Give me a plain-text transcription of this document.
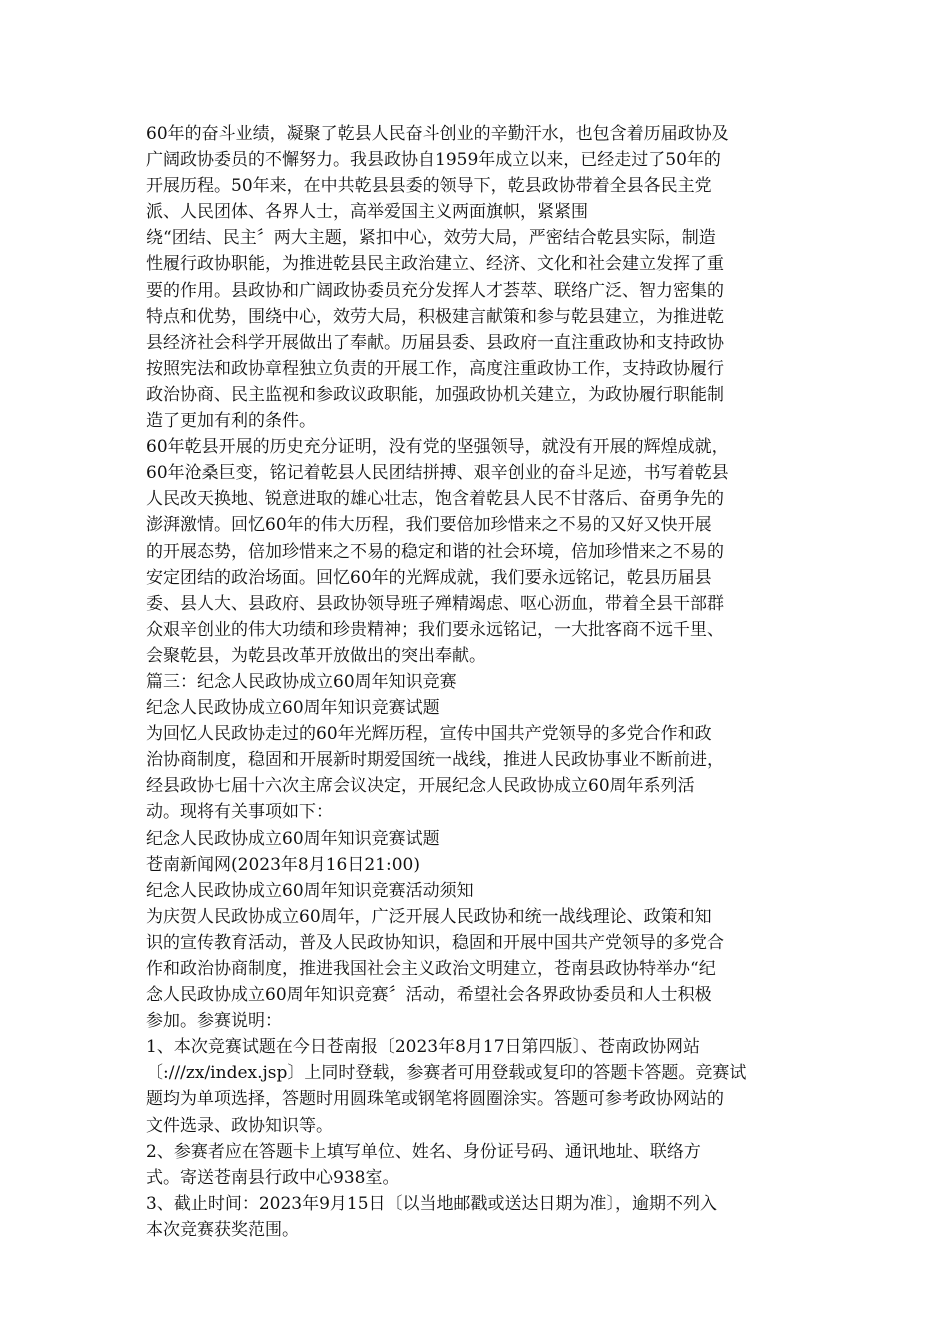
60年的奋斗业绩，凝聚了乾县人民奋斗创业的辛勤汗水，也包含着历届政协及
广阔政协委员的不懈努力。我县政协自1959年成立以来，已经走过了50年的
开展历程。50年来，在中共乾县县委的领导下，乾县政协带着全县各民主党
派、人民团体、各界人士，高举爱国主义两面旗帜，紧紧围
绕“团结、民主〞两大主题，紧扣中心，效劳大局，严密结合乾县实际，制造
性履行政协职能，为推进乾县民主政治建立、经济、文化和社会建立发挥了重
要的作用。县政协和广阔政协委员充分发挥人才荟萃、联络广泛、智力密集的
特点和优势，围绕中心，效劳大局，积极建言献策和参与乾县建立，为推进乾
县经济社会科学开展做出了奉献。历届县委、县政府一直注重政协和支持政协
按照宪法和政协章程独立负责的开展工作，高度注重政协工作，支持政协履行
政治协商、民主监视和参政议政职能，加强政协机关建立，为政协履行职能制
造了更加有利的条件。
60年乾县开展的历史充分证明，没有党的坚强领导，就没有开展的辉煌成就，
60年沧桑巨变，铭记着乾县人民团结拼搏、艰辛创业的奋斗足迹，书写着乾县
人民改天换地、锐意进取的雄心壮志，饱含着乾县人民不甘落后、奋勇争先的
澎湃激情。回忆60年的伟大历程，我们要倍加珍惜来之不易的又好又快开展
的开展态势，倍加珍惜来之不易的稳定和谐的社会环境，倍加珍惜来之不易的
安定团结的政治场面。回忆60年的光辉成就，我们要永远铭记，乾县历届县
委、县人大、县政府、县政协领导班子殚精竭虑、呕心沥血，带着全县干部群
众艰辛创业的伟大功绩和珍贵精神；我们要永远铭记，一大批客商不远千里、
会聚乾县，为乾县改革开放做出的突出奉献。
篇三：纪念人民政协成立60周年知识竞赛
纪念人民政协成立60周年知识竞赛试题
为回忆人民政协走过的60年光辉历程，宣传中国共产党领导的多党合作和政
治协商制度，稳固和开展新时期爱国统一战线，推进人民政协事业不断前进，
经县政协七届十六次主席会议决定，开展纪念人民政协成立60周年系列活
动。现将有关事项如下：
纪念人民政协成立60周年知识竞赛试题
苍南新闻网(2023年8月16日21:00)
纪念人民政协成立60周年知识竞赛活动须知
为庆贺人民政协成立60周年，广泛开展人民政协和统一战线理论、政策和知
识的宣传教育活动，普及人民政协知识，稳固和开展中国共产党领导的多党合
作和政治协商制度，推进我国社会主义政治文明建立，苍南县政协特举办“纪
念人民政协成立60周年知识竞赛〞活动，希望社会各界政协委员和人士积极
参加。参赛说明：
1、本次竞赛试题在今日苍南报〔2023年8月17日第四版〕、苍南政协网站
〔:///zx/index.jsp〕上同时登载，参赛者可用登载或复印的答题卡答题。竞赛试
题均为单项选择，答题时用圆珠笔或钢笔将圆圈涂实。答题可参考政协网站的
文件选录、政协知识等。
2、参赛者应在答题卡上填写单位、姓名、身份证号码、通讯地址、联络方
式。寄送苍南县行政中心938室。
3、截止时间：2023年9月15日〔以当地邮戳或送达日期为准〕，逾期不列入
本次竞赛获奖范围。
